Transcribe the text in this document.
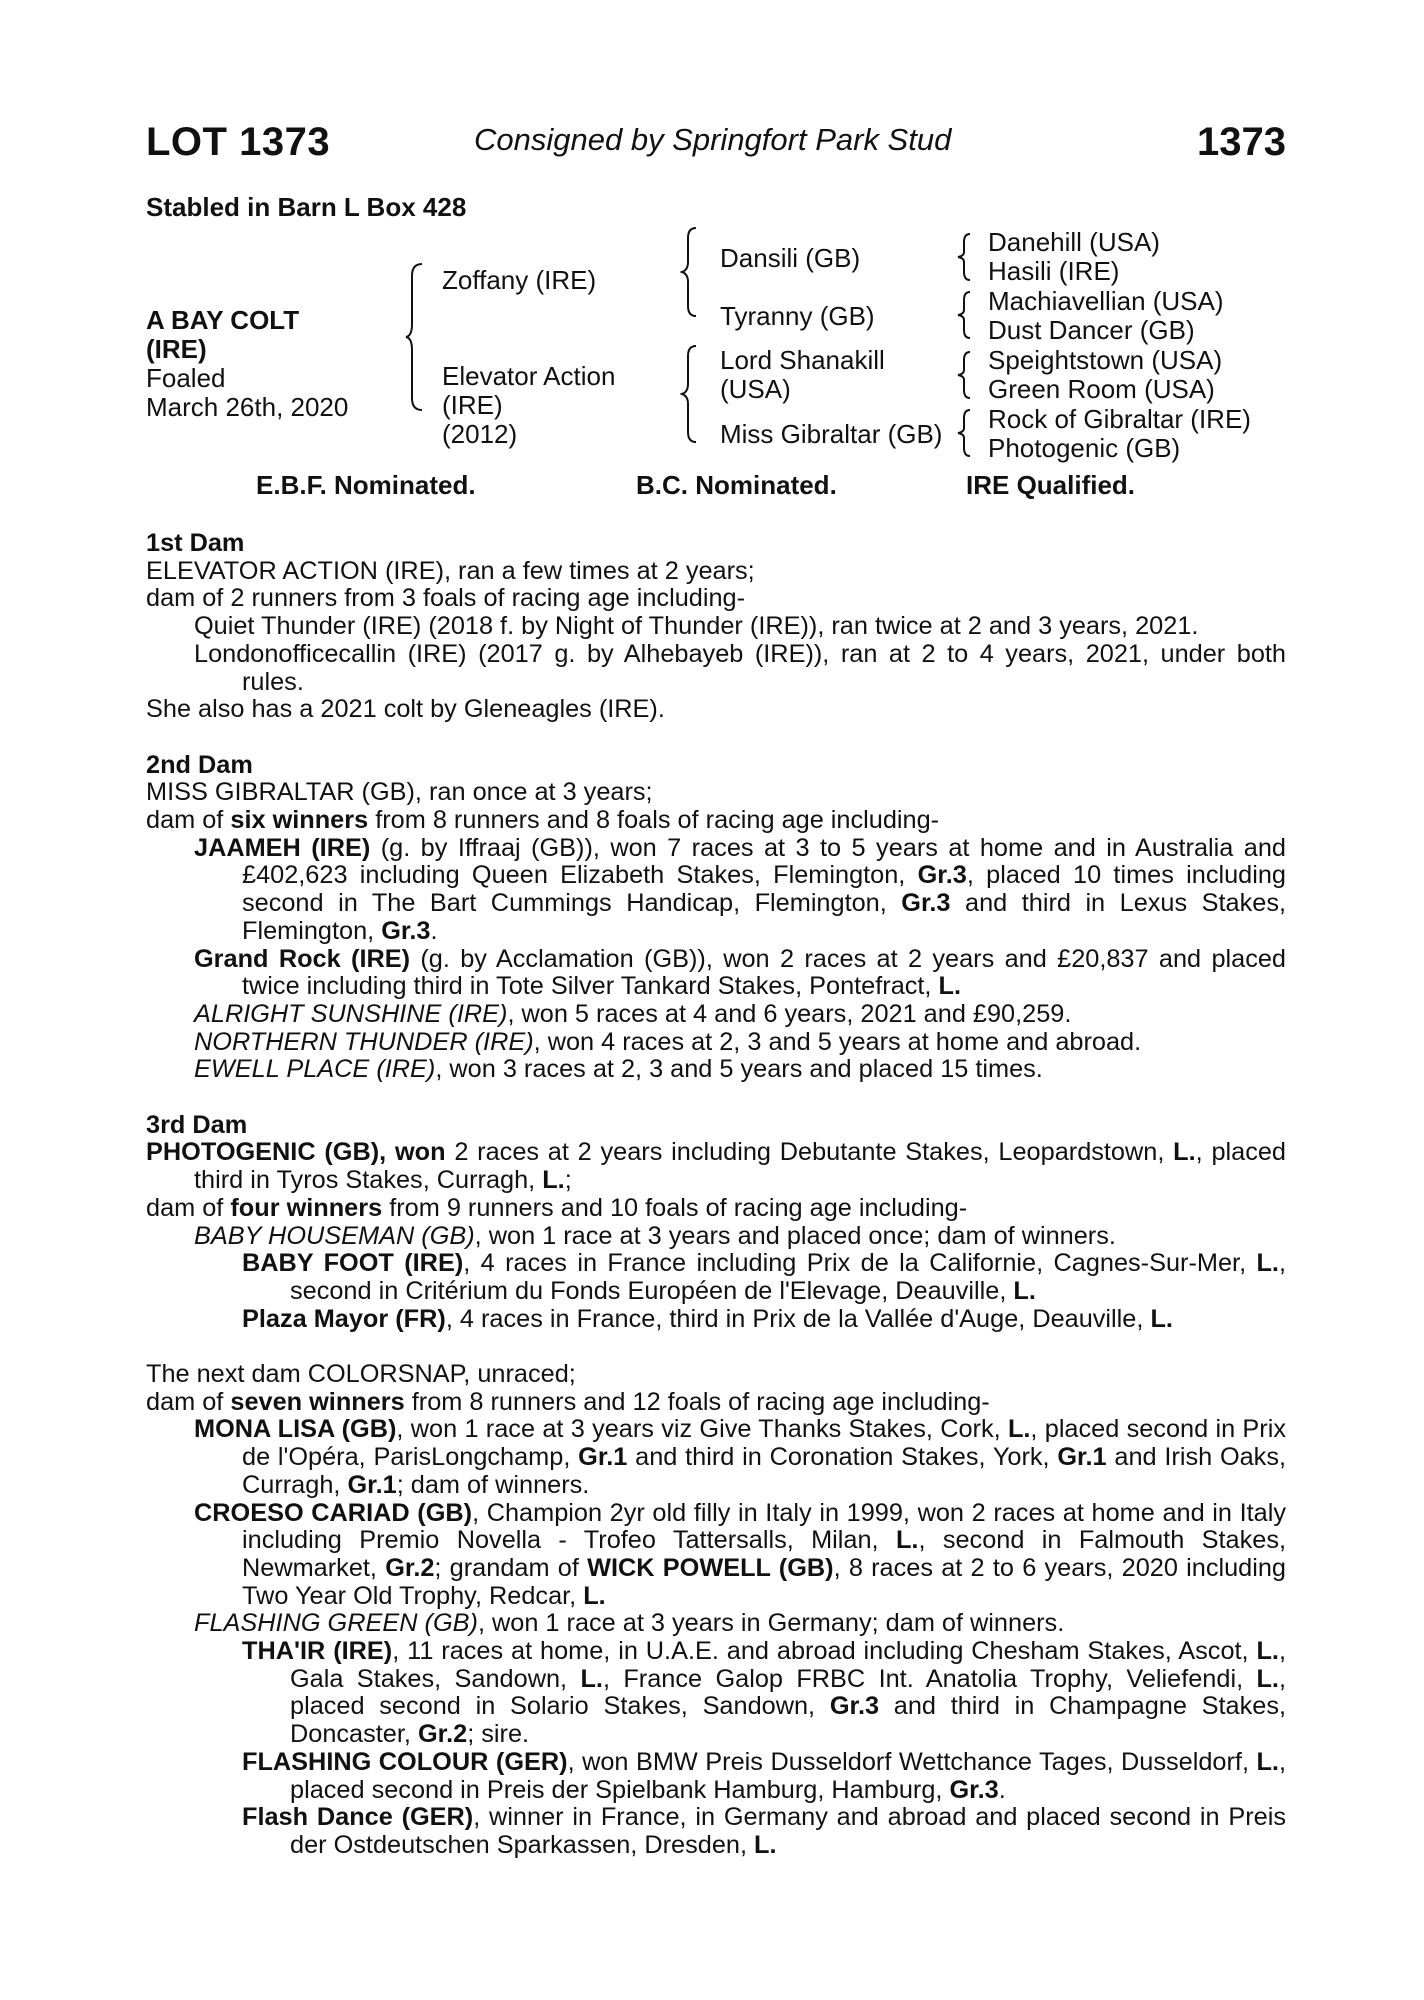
LOT 1373	Consigned by Springfort Park Stud	1373
Stabled in Barn L Box 428
A BAY COLT
(IRE)
Foaled
March 26th, 2020
Zoffany (IRE)
Elevator Action
(IRE)
(2012)
Dansili (GB)
Tyranny (GB)
Lord Shanakill
(USA)
Miss Gibraltar (GB)
Danehill (USA)
Hasili (IRE)
Machiavellian (USA)
Dust Dancer (GB)
Speightstown (USA)
Green Room (USA)
Rock of Gibraltar (IRE)
Photogenic (GB)
E.B.F. Nominated.	B.C. Nominated.	IRE Qualified.

1st Dam

ELEVATOR ACTION (IRE), ran a few times at 2 years;

dam of 2 runners from 3 foals of racing age including-

Quiet Thunder (IRE) (2018 f. by Night of Thunder (IRE)), ran twice at 2 and 3 years, 2021.

Londonofficecallin (IRE) (2017 g. by Alhebayeb (IRE)), ran at 2 to 4 years, 2021, under both rules.

She also has a 2021 colt by Gleneagles (IRE).

2nd Dam

MISS GIBRALTAR (GB), ran once at 3 years;

dam of six winners from 8 runners and 8 foals of racing age including-

JAAMEH (IRE) (g. by Iffraaj (GB)), won 7 races at 3 to 5 years at home and in Australia and £402,623 including Queen Elizabeth Stakes, Flemington, Gr.3, placed 10 times including second in The Bart Cummings Handicap, Flemington, Gr.3 and third in Lexus Stakes, Flemington, Gr.3.

Grand Rock (IRE) (g. by Acclamation (GB)), won 2 races at 2 years and £20,837 and placed twice including third in Tote Silver Tankard Stakes, Pontefract, L.

ALRIGHT SUNSHINE (IRE), won 5 races at 4 and 6 years, 2021 and £90,259.

NORTHERN THUNDER (IRE), won 4 races at 2, 3 and 5 years at home and abroad.

EWELL PLACE (IRE), won 3 races at 2, 3 and 5 years and placed 15 times.

3rd Dam

PHOTOGENIC (GB), won 2 races at 2 years including Debutante Stakes, Leopardstown, L., placed third in Tyros Stakes, Curragh, L.;

dam of four winners from 9 runners and 10 foals of racing age including-

BABY HOUSEMAN (GB), won 1 race at 3 years and placed once; dam of winners.

BABY FOOT (IRE), 4 races in France including Prix de la Californie, Cagnes-Sur-Mer, L., second in Critérium du Fonds Européen de l'Elevage, Deauville, L.

Plaza Mayor (FR), 4 races in France, third in Prix de la Vallée d'Auge, Deauville, L.

The next dam COLORSNAP, unraced;

dam of seven winners from 8 runners and 12 foals of racing age including-

MONA LISA (GB), won 1 race at 3 years viz Give Thanks Stakes, Cork, L., placed second in Prix de l'Opéra, ParisLongchamp, Gr.1 and third in Coronation Stakes, York, Gr.1 and Irish Oaks, Curragh, Gr.1; dam of winners.

CROESO CARIAD (GB), Champion 2yr old filly in Italy in 1999, won 2 races at home and in Italy including Premio Novella - Trofeo Tattersalls, Milan, L., second in Falmouth Stakes, Newmarket, Gr.2; grandam of WICK POWELL (GB), 8 races at 2 to 6 years, 2020 including Two Year Old Trophy, Redcar, L.

FLASHING GREEN (GB), won 1 race at 3 years in Germany; dam of winners.

THA'IR (IRE), 11 races at home, in U.A.E. and abroad including Chesham Stakes, Ascot, L., Gala Stakes, Sandown, L., France Galop FRBC Int. Anatolia Trophy, Veliefendi, L., placed second in Solario Stakes, Sandown, Gr.3 and third in Champagne Stakes, Doncaster, Gr.2; sire.

FLASHING COLOUR (GER), won BMW Preis Dusseldorf Wettchance Tages, Dusseldorf, L., placed second in Preis der Spielbank Hamburg, Hamburg, Gr.3.

Flash Dance (GER), winner in France, in Germany and abroad and placed second in Preis der Ostdeutschen Sparkassen, Dresden, L.
